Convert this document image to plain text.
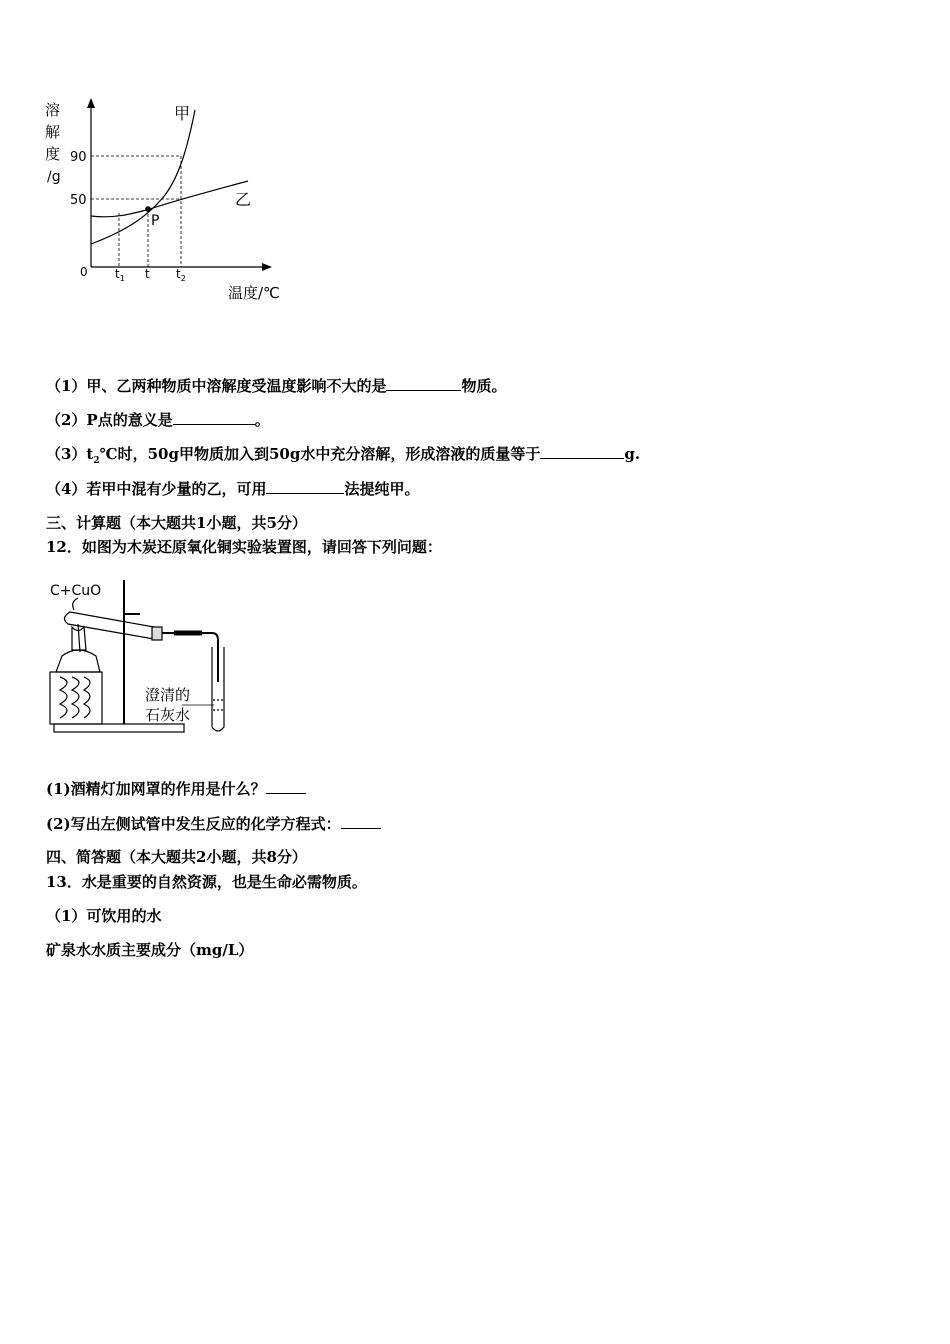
溶
解
度
/g
90
50
0 $t_1$ t $t_2$
温度/℃
P
甲
乙
（1）甲、乙两种物质中溶解度受温度影响不大的是	物质。
（2）P点的意义是	。
$(3)t_2℃$时，50g甲物质加入到50g水中充分溶解，形成溶液的质量等于	g.
（4）若甲中混有少量的乙，可用	法提纯甲。
三、计算题（本大题共1小题，共5分）
12．如图为木炭还原氧化铜实验装置图，请回答下列问题：
C+CuO
澄清的
石灰水
(1)酒精灯加网罩的作用是什么？
(2)写出左侧试管中发生反应的化学方程式：
四、简答题（本大题共2小题，共8分）
13．水是重要的自然资源，也是生命必需物质。
（1）可饮用的水
矿泉水水质主要成分（mg/L）
